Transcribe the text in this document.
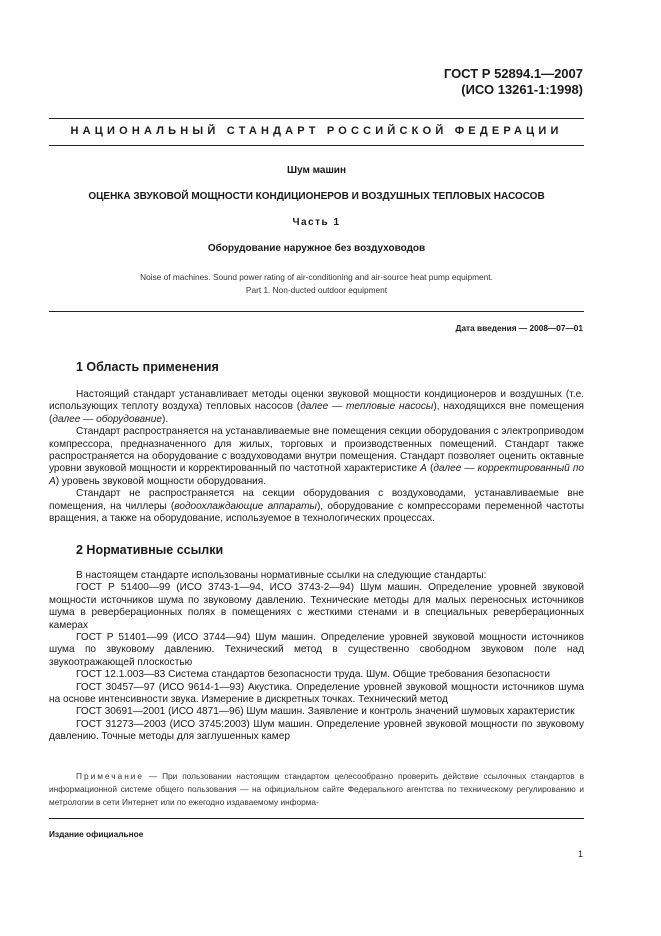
ГОСТ Р 52894.1—2007
(ИСО 13261-1:1998)
НАЦИОНАЛЬНЫЙ СТАНДАРТ РОССИЙСКОЙ ФЕДЕРАЦИИ
Шум машин
ОЦЕНКА ЗВУКОВОЙ МОЩНОСТИ КОНДИЦИОНЕРОВ И ВОЗДУШНЫХ ТЕПЛОВЫХ НАСОСОВ
Часть 1
Оборудование наружное без воздуховодов
Noise of machines. Sound power rating of air-conditioning and air-source heat pump equipment.
Part 1. Non-ducted outdoor equipment
Дата введения — 2008—07—01
1 Область применения

Настоящий стандарт устанавливает методы оценки звуковой мощности кондиционеров и воздушных (т.е. использующих теплоту воздуха) тепловых насосов (далее — тепловые насосы), находящихся вне помещения (далее — оборудование).

Стандарт распространяется на устанавливаемые вне помещения секции оборудования с электроприводом компрессора, предназначенного для жилых, торговых и производственных помещений. Стандарт также распространяется на оборудование с воздуховодами внутри помещения. Стандарт позволяет оценить октавные уровни звуковой мощности и корректированный по частотной характеристике А (далее — корректированный по А) уровень звуковой мощности оборудования.

Стандарт не распространяется на секции оборудования с воздуховодами, устанавливаемые вне помещения, на чиллеры (водоохлаждающие аппараты), оборудование с компрессорами переменной частоты вращения, а также на оборудование, используемое в технологических процессах.

2 Нормативные ссылки

В настоящем стандарте использованы нормативные ссылки на следующие стандарты:

ГОСТ Р 51400—99 (ИСО 3743-1—94, ИСО 3743-2—94) Шум машин. Определение уровней звуковой мощности источников шума по звуковому давлению. Технические методы для малых переносных источников шума в реверберационных полях в помещениях с жесткими стенами и в специальных реверберационных камерах

ГОСТ Р 51401—99 (ИСО 3744—94) Шум машин. Определение уровней звуковой мощности источников шума по звуковому давлению. Технический метод в существенно свободном звуковом поле над звукоотражающей плоскостью

ГОСТ 12.1.003—83 Система стандартов безопасности труда. Шум. Общие требования безопасности

ГОСТ 30457—97 (ИСО 9614-1—93) Акустика. Определение уровней звуковой мощности источников шума на основе интенсивности звука. Измерение в дискретных точках. Технический метод

ГОСТ 30691—2001 (ИСО 4871—96) Шум машин. Заявление и контроль значений шумовых характеристик

ГОСТ 31273—2003 (ИСО 3745:2003) Шум машин. Определение уровней звуковой мощности по звуковому давлению. Точные методы для заглушенных камер

Примечание — При пользовании настоящим стандартом целесообразно проверить действие ссылочных стандартов в информационной системе общего пользования — на официальном сайте Федерального агентства по техническому регулированию и метрологии в сети Интернет или по ежегодно издаваемому информа-
Издание официальное
1
